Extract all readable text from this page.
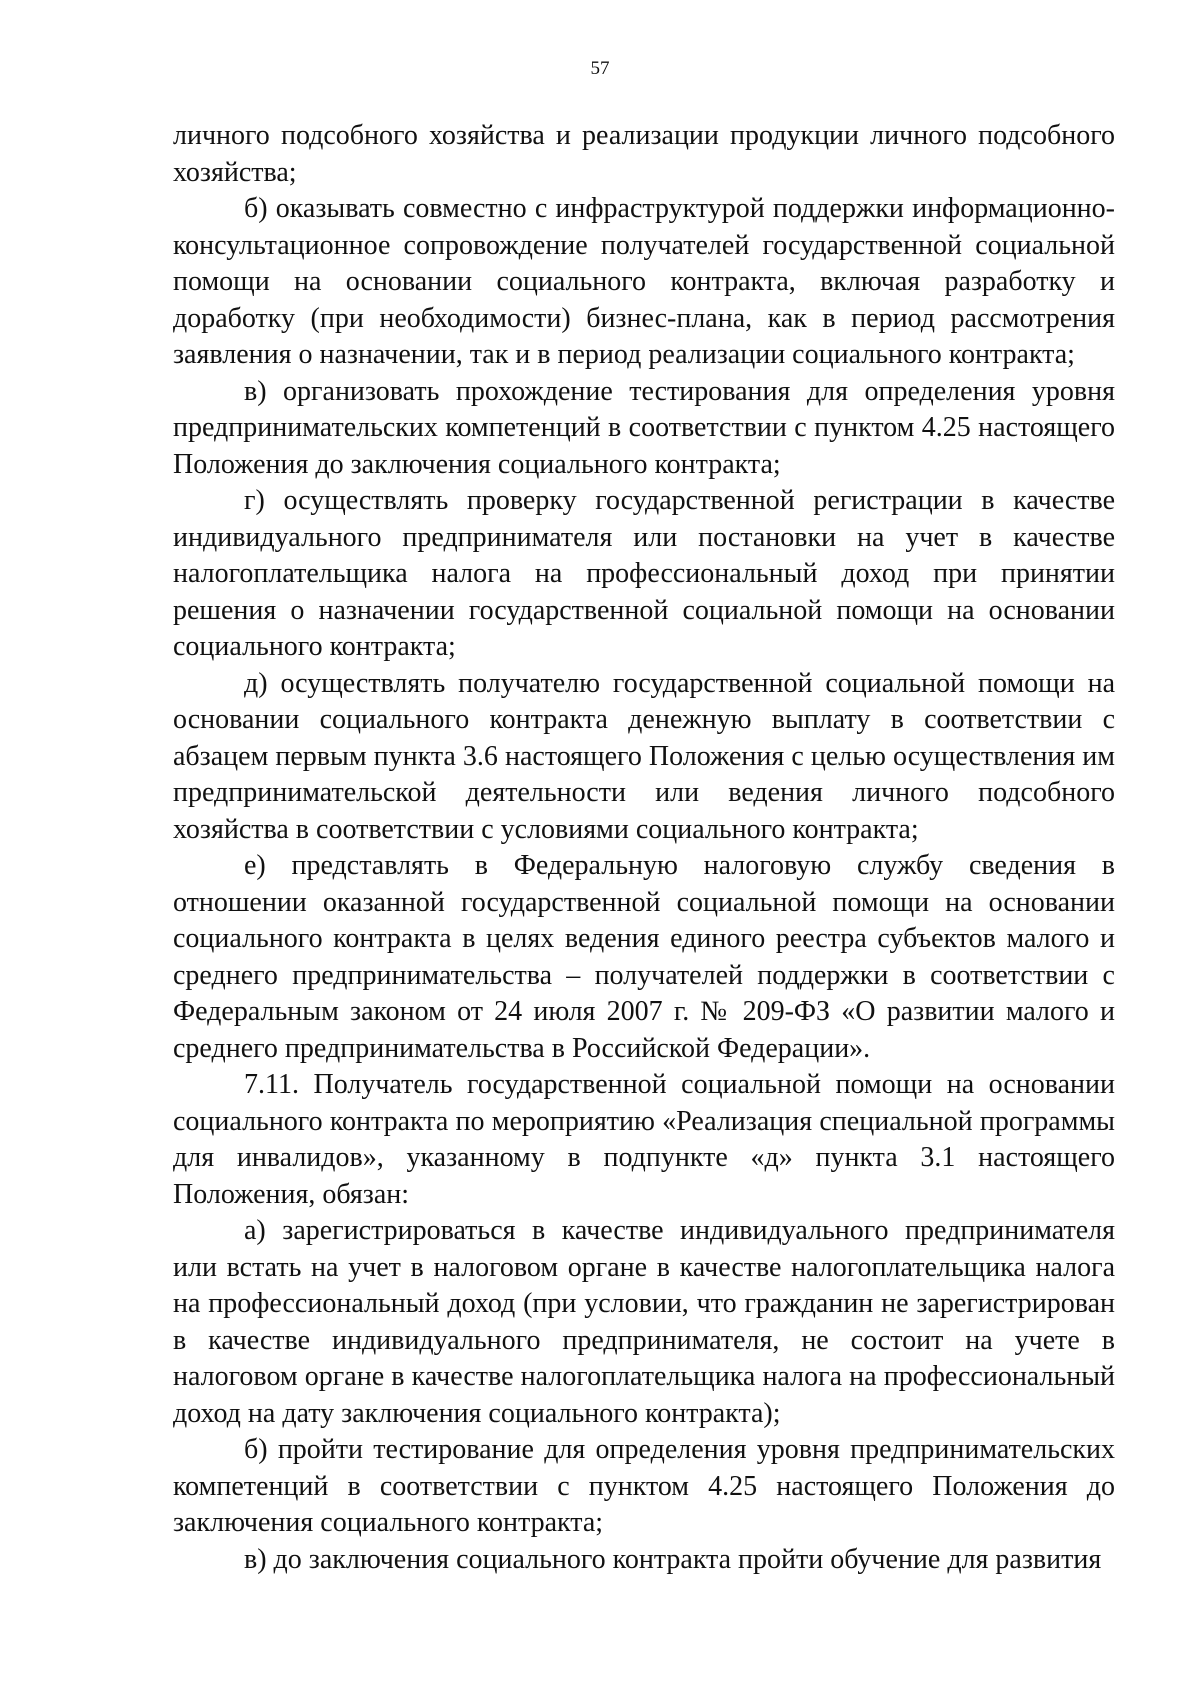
57

личного подсобного хозяйства и реализации продукции личного подсобного хозяйства;

б) оказывать совместно с инфраструктурой поддержки информационно-консультационное сопровождение получателей государственной социальной помощи на основании социального контракта, включая разработку и доработку (при необходимости) бизнес-плана, как в период рассмотрения заявления о назначении, так и в период реализации социального контракта;

в) организовать прохождение тестирования для определения уровня предпринимательских компетенций в соответствии с пунктом 4.25 настоящего Положения до заключения социального контракта;

г) осуществлять проверку государственной регистрации в качестве индивидуального предпринимателя или постановки на учет в качестве налогоплательщика налога на профессиональный доход при принятии решения о назначении государственной социальной помощи на основании социального контракта;

д) осуществлять получателю государственной социальной помощи на основании социального контракта денежную выплату в соответствии с абзацем первым пункта 3.6 настоящего Положения с целью осуществления им предпринимательской деятельности или ведения личного подсобного хозяйства в соответствии с условиями социального контракта;

е) представлять в Федеральную налоговую службу сведения в отношении оказанной государственной социальной помощи на основании социального контракта в целях ведения единого реестра субъектов малого и среднего предпринимательства – получателей поддержки в соответствии с Федеральным законом от 24 июля 2007 г. № 209-ФЗ «О развитии малого и среднего предпринимательства в Российской Федерации».

7.11. Получатель государственной социальной помощи на основании социального контракта по мероприятию «Реализация специальной программы для инвалидов», указанному в подпункте «д» пункта 3.1 настоящего Положения, обязан:

а) зарегистрироваться в качестве индивидуального предпринимателя или встать на учет в налоговом органе в качестве налогоплательщика налога на профессиональный доход (при условии, что гражданин не зарегистрирован в качестве индивидуального предпринимателя, не состоит на учете в налоговом органе в качестве налогоплательщика налога на профессиональный доход на дату заключения социального контракта);

б) пройти тестирование для определения уровня предпринимательских компетенций в соответствии с пунктом 4.25 настоящего Положения до заключения социального контракта;

в) до заключения социального контракта пройти обучение для развития
